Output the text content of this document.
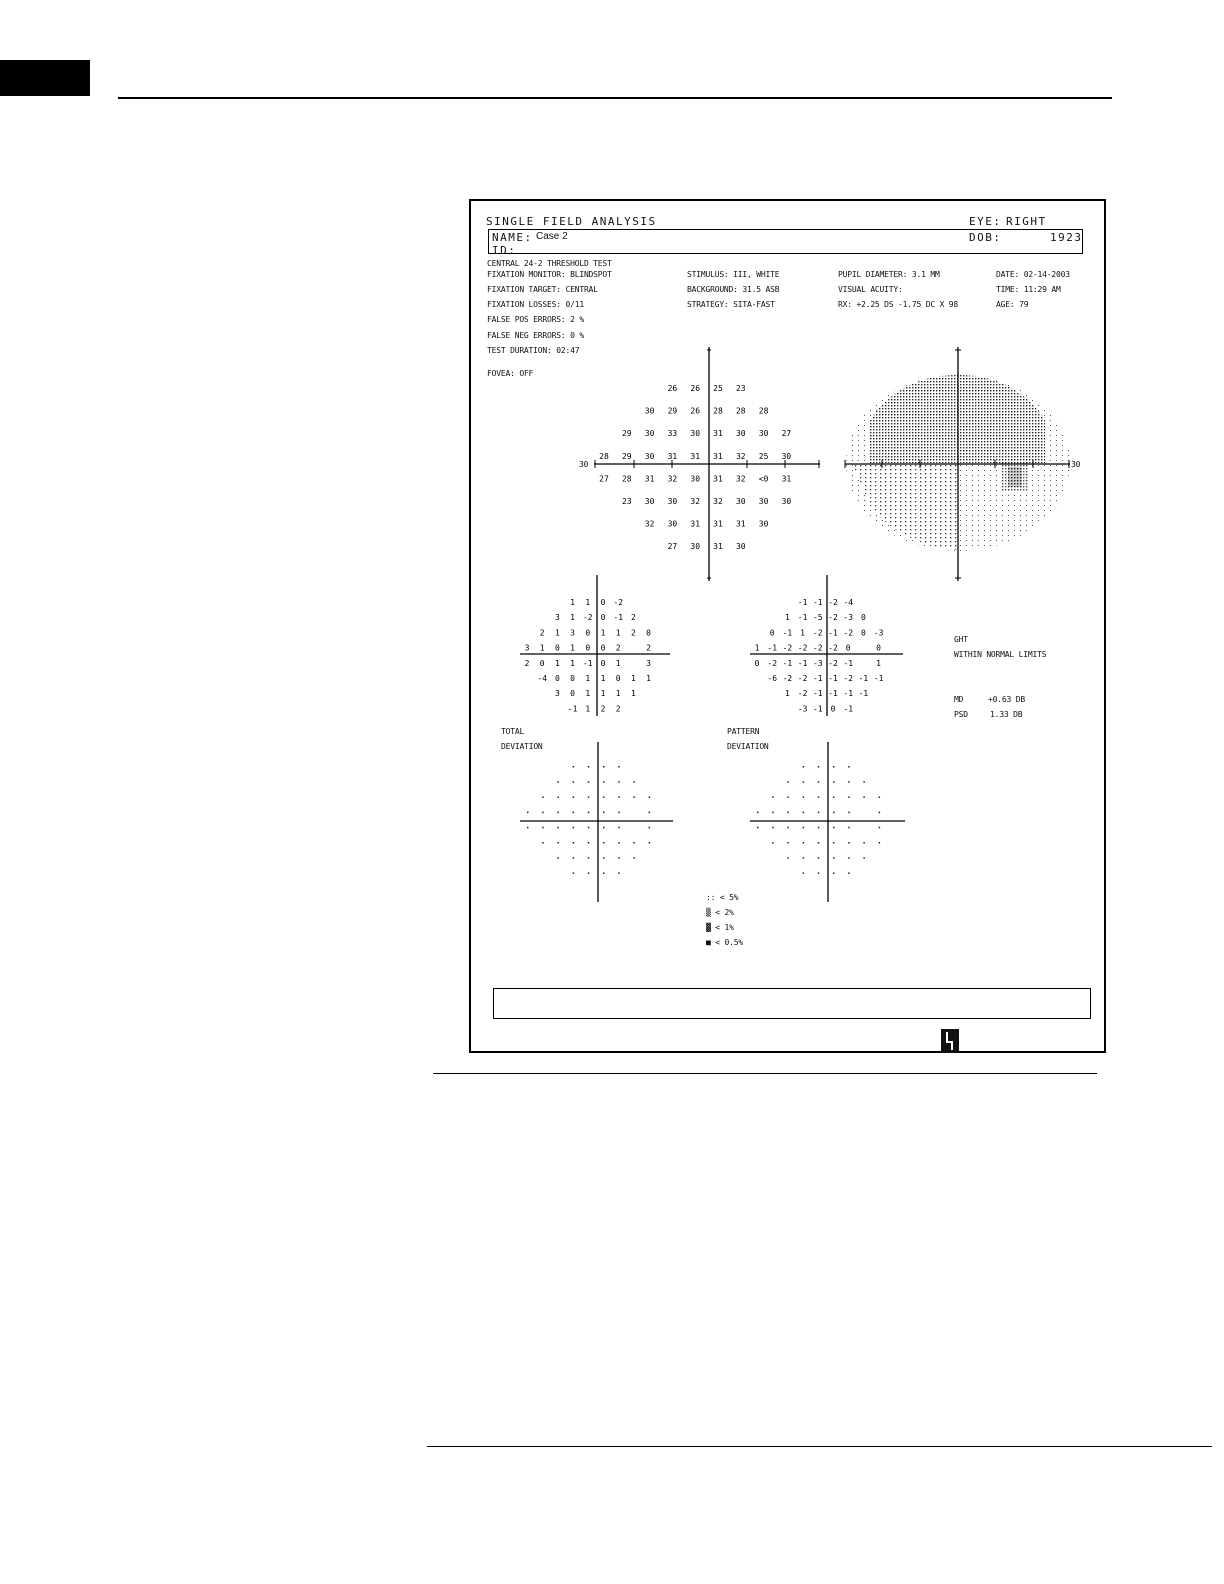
SINGLE FIELD ANALYSIS	EYE: RIGHT
NAME: Case 2
ID:
DOB:	1923
CENTRAL 24-2 THRESHOLD TEST
FIXATION MONITOR: BLINDSPOT
FIXATION TARGET: CENTRAL
FIXATION LOSSES: 0/11
FALSE POS ERRORS: 2 %
FALSE NEG ERRORS: 0 %
TEST DURATION: 02:47
FOVEA: OFF
STIMULUS: III, WHITE
BACKGROUND: 31.5 ASB
STRATEGY: SITA-FAST
PUPIL DIAMETER: 3.1 MM
VISUAL ACUITY:
RX: +2.25 DS -1.75 DC X 98
DATE: 02-14-2003
TIME: 11:29 AM
AGE: 79
26 26 25 23
30 29 26 28 28 28
29 30 33 30 31 30 30 27
28 29 30 31 31 31 32 25 30
27 28 31 32 30 31 32 <0 31
23 30 30 32 32 30 30 30
32 30 31 31 31 30
27 30 31 30
30	30
1 1 0 -2
3 1 -2 0 -1 2
2 1 3 0 1 1 2 0
3 1 0 1 0 0 2	2
2 0 1 1 -1 0 1	3
-4 0 0 1 1 0 1 1
3 0 1 1 1 1
-1 1 2 2
TOTAL
DEVIATION
-1 -1 -2 -4
1 -1 -5 -2 -3 0
0 -1 1 -2 -1 -2 0 -3
1 -1 -2 -2 -2 -2 0	0
0 -2 -1 -1 -3 -2 -1	1
-6 -2 -2 -1 -1 -2 -1 -1
1 -2 -1 -1 -1 -1
-3 -1 0 -1
PATTERN
DEVIATION
GHT
WITHIN NORMAL LIMITS
MD	+0.63 DB
PSD	1.33 DB
:: < 5%
▒ < 2%
▓ < 1%
■ < 0.5%
